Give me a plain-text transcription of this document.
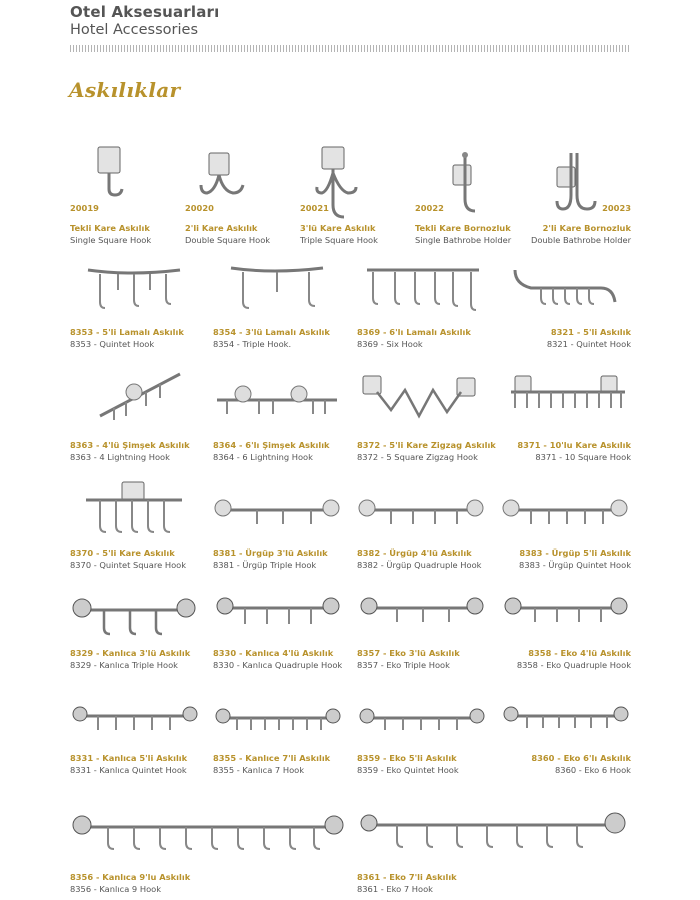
Otel Aksesuarları
Hotel Accessories
Askılıklar
20019
Tekli Kare Askılık
Single Square Hook
20020
2'li Kare Askılık
Double Square Hook
20021
3'lü Kare Askılık
Triple Square Hook
20022
Tekli Kare Bornozluk
Single Bathrobe Holder
20023
2'li Kare Bornozluk
Double Bathrobe Holder
8353 - 5'li Lamalı Askılık
8353 - Quintet Hook
8354 - 3'lü Lamalı Askılık
8354 - Triple Hook.
8369 - 6'lı Lamalı Askılık
8369 - Six Hook
8321 - 5'li Askılık
8321 - Quintet Hook
8363 - 4'lü Şimşek Askılık
8363 - 4 Lightning Hook
8364 - 6'lı Şimşek Askılık
8364 - 6 Lightning Hook
8372 - 5'li Kare Zigzag Askılık
8372 - 5 Square Zigzag Hook
8371 - 10'lu Kare Askılık
8371 - 10 Square Hook
8370 - 5'li Kare Askılık
8370 - Quintet Square Hook
8381 - Ürgüp 3'lü Askılık
8381 - Ürgüp Triple Hook
8382 - Ürgüp 4'lü Askılık
8382 - Ürgüp Quadruple Hook
8383 - Ürgüp 5'li Askılık
8383 - Ürgüp Quintet Hook
8329 - Kanlıca 3'lü Askılık
8329 - Kanlıca Triple Hook
8330 - Kanlıca 4'lü Askılık
8330 - Kanlıca Quadruple Hook
8357 - Eko 3'lü Askılık
8357 - Eko Triple Hook
8358 - Eko 4'lü Askılık
8358 - Eko Quadruple Hook
8331 - Kanlıca 5'li Askılık
8331 - Kanlıca Quintet Hook
8355 - Kanlıce 7'li Askılık
8355 - Kanlıca 7 Hook
8359 - Eko 5'li Askılık
8359 - Eko Quintet Hook
8360 - Eko 6'lı Askılık
8360 - Eko 6 Hook
8356 - Kanlıca 9'lu Askılık
8356 - Kanlıca 9 Hook
8361 - Eko 7'li Askılık
8361 - Eko 7 Hook
